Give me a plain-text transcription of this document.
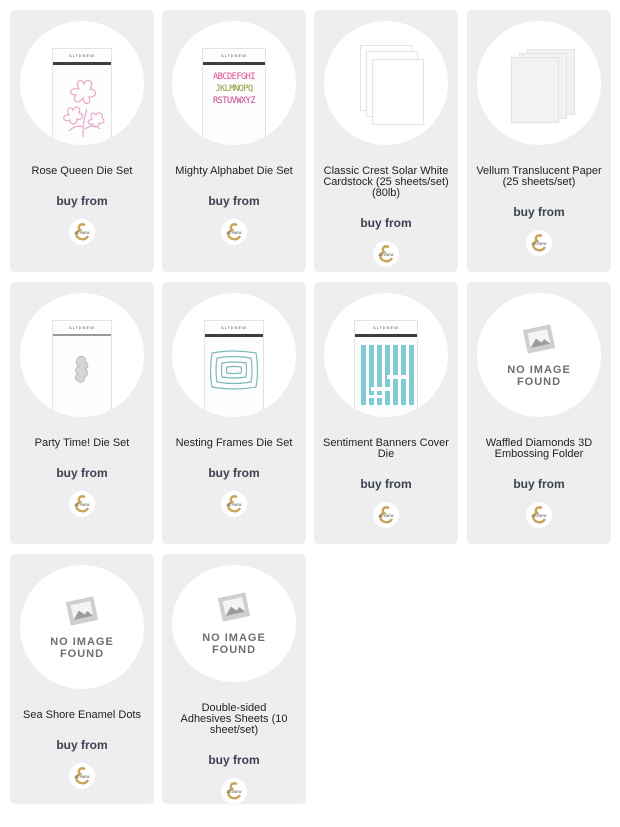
ALTENEW
Rose Queen Die Set
buy from
ALTENEW
ALTENEW
ABCDEFGHI
JKLMNOPQ
RSTUVWXYZ
Mighty Alphabet Die Set
buy from
ALTENEW
Classic Crest Solar White Cardstock (25 sheets/set) (80lb)
buy from
ALTENEW
Vellum Translucent Paper (25 sheets/set)
buy from
ALTENEW
ALTENEW
Party Time! Die Set
buy from
ALTENEW
ALTENEW
Nesting Frames Die Set
buy from
ALTENEW
ALTENEW
Sentiment Banners Cover Die
buy from
ALTENEW
NO IMAGE FOUND
Waffled Diamonds 3D Embossing Folder
buy from
ALTENEW
NO IMAGE FOUND
Sea Shore Enamel Dots
buy from
ALTENEW
NO IMAGE FOUND
Double-sided Adhesives Sheets (10 sheet/set)
buy from
ALTENEW
